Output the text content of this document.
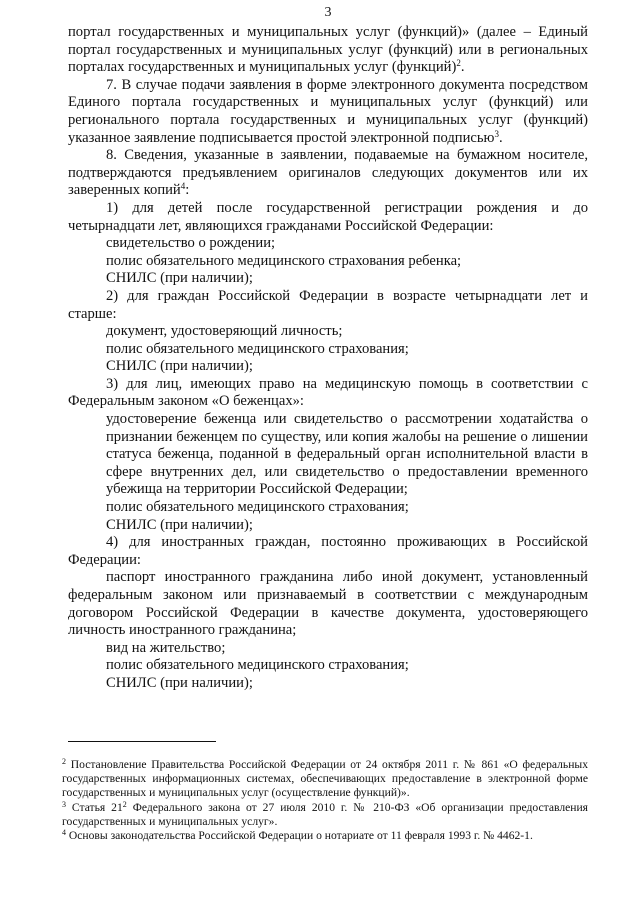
3

портал государственных и муниципальных услуг (функций)» (далее – Единый портал государственных и муниципальных услуг (функций) или в региональных порталах государственных и муниципальных услуг (функций)$^2$.

7. В случае подачи заявления в форме электронного документа посредством Единого портала государственных и муниципальных услуг (функций) или регионального портала государственных и муниципальных услуг (функций) указанное заявление подписывается простой электронной подписью$^3$.

8. Сведения, указанные в заявлении, подаваемые на бумажном носителе, подтверждаются предъявлением оригиналов следующих документов или их заверенных копий$^4$:

1) для детей после государственной регистрации рождения и до четырнадцати лет, являющихся гражданами Российской Федерации:

свидетельство о рождении;

полис обязательного медицинского страхования ребенка;

СНИЛС (при наличии);

2) для граждан Российской Федерации в возрасте четырнадцати лет и старше:

документ, удостоверяющий личность;

полис обязательного медицинского страхования;

СНИЛС (при наличии);

3) для лиц, имеющих право на медицинскую помощь в соответствии с Федеральным законом «О беженцах»:

удостоверение беженца или свидетельство о рассмотрении ходатайства о признании беженцем по существу, или копия жалобы на решение о лишении статуса беженца, поданной в федеральный орган исполнительной власти в сфере внутренних дел, или свидетельство о предоставлении временного убежища на территории Российской Федерации;

полис обязательного медицинского страхования;

СНИЛС (при наличии);

4) для иностранных граждан, постоянно проживающих в Российской Федерации:

паспорт иностранного гражданина либо иной документ, установленный федеральным законом или признаваемый в соответствии с международным договором Российской Федерации в качестве документа, удостоверяющего личность иностранного гражданина;

вид на жительство;

полис обязательного медицинского страхования;

СНИЛС (при наличии);

$^2$ Постановление Правительства Российской Федерации от 24 октября 2011 г. № 861 «О федеральных государственных информационных системах, обеспечивающих предоставление в электронной форме государственных и муниципальных услуг (осуществление функций)».

$^3$ Статья $21^2$ Федерального закона от 27 июля 2010 г. № 210-ФЗ «Об организации предоставления государственных и муниципальных услуг».

$^4$ Основы законодательства Российской Федерации о нотариате от 11 февраля 1993 г. № 4462-1.
